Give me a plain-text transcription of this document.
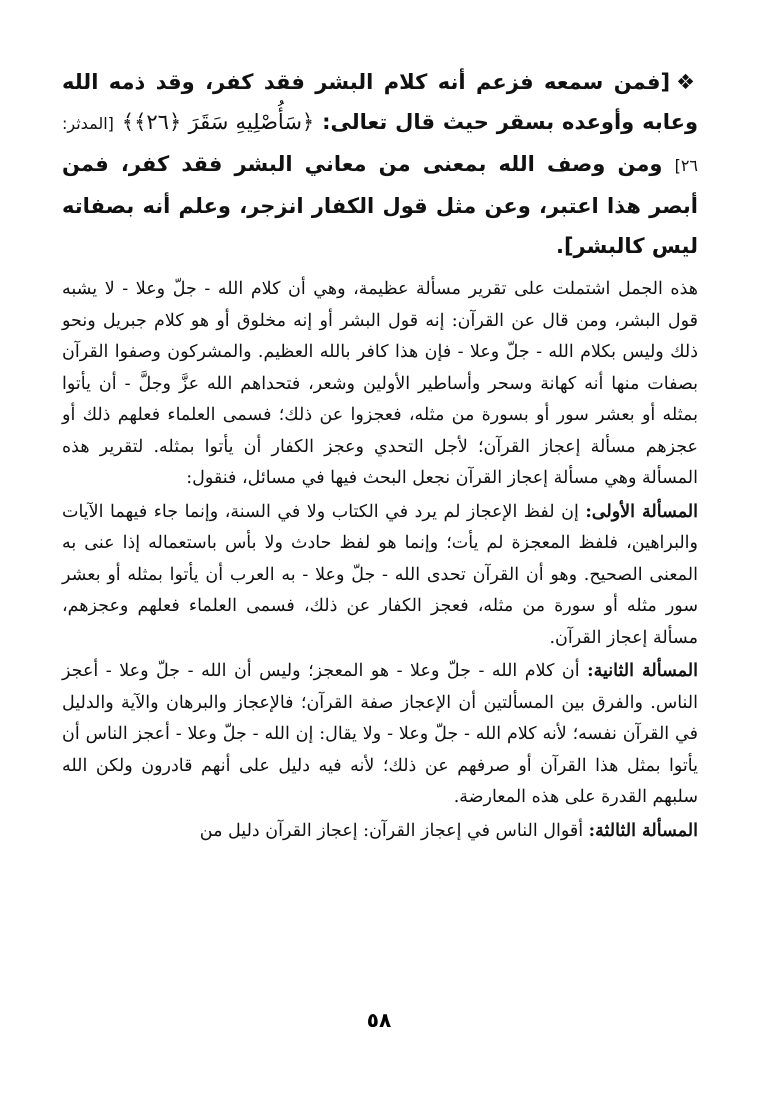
❖[فمن سمعه فزعم أنه كلام البشر فقد كفر، وقد ذمه الله وعابه وأوعده بسقر حيث قال تعالى: ﴿سَأُصْلِيهِ سَقَرَ ﴿٢٦﴾﴾ [المدثر: ٢٦] ومن وصف الله بمعنى من معاني البشر فقد كفر، فمن أبصر هذا اعتبر، وعن مثل قول الكفار انزجر، وعلم أنه بصفاته ليس كالبشر].

هذه الجمل اشتملت على تقرير مسألة عظيمة، وهي أن كلام الله - جلّ وعلا - لا يشبه قول البشر، ومن قال عن القرآن: إنه قول البشر أو إنه مخلوق أو هو كلام جبريل ونحو ذلك وليس بكلام الله - جلّ وعلا - فإن هذا كافر بالله العظيم. والمشركون وصفوا القرآن بصفات منها أنه كهانة وسحر وأساطير الأولين وشعر، فتحداهم الله عزَّ وجلَّ - أن يأتوا بمثله أو بعشر سور أو بسورة من مثله، فعجزوا عن ذلك؛ فسمى العلماء فعلهم ذلك أو عجزهم مسألة إعجاز القرآن؛ لأجل التحدي وعجز الكفار أن يأتوا بمثله. لتقرير هذه المسألة وهي مسألة إعجاز القرآن نجعل البحث فيها في مسائل، فنقول:

المسألة الأولى: إن لفظ الإعجاز لم يرد في الكتاب ولا في السنة، وإنما جاء فيهما الآيات والبراهين، فلفظ المعجزة لم يأت؛ وإنما هو لفظ حادث ولا بأس باستعماله إذا عنى به المعنى الصحيح. وهو أن القرآن تحدى الله - جلّ وعلا - به العرب أن يأتوا بمثله أو بعشر سور مثله أو سورة من مثله، فعجز الكفار عن ذلك، فسمى العلماء فعلهم وعجزهم، مسألة إعجاز القرآن.

المسألة الثانية: أن كلام الله - جلّ وعلا - هو المعجز؛ وليس أن الله - جلّ وعلا - أعجز الناس. والفرق بين المسألتين أن الإعجاز صفة القرآن؛ فالإعجاز والبرهان والآية والدليل في القرآن نفسه؛ لأنه كلام الله - جلّ وعلا - ولا يقال: إن الله - جلّ وعلا - أعجز الناس أن يأتوا بمثل هذا القرآن أو صرفهم عن ذلك؛ لأنه فيه دليل على أنهم قادرون ولكن الله سلبهم القدرة على هذه المعارضة.

المسألة الثالثة: أقوال الناس في إعجاز القرآن: إعجاز القرآن دليل من

٥٨
